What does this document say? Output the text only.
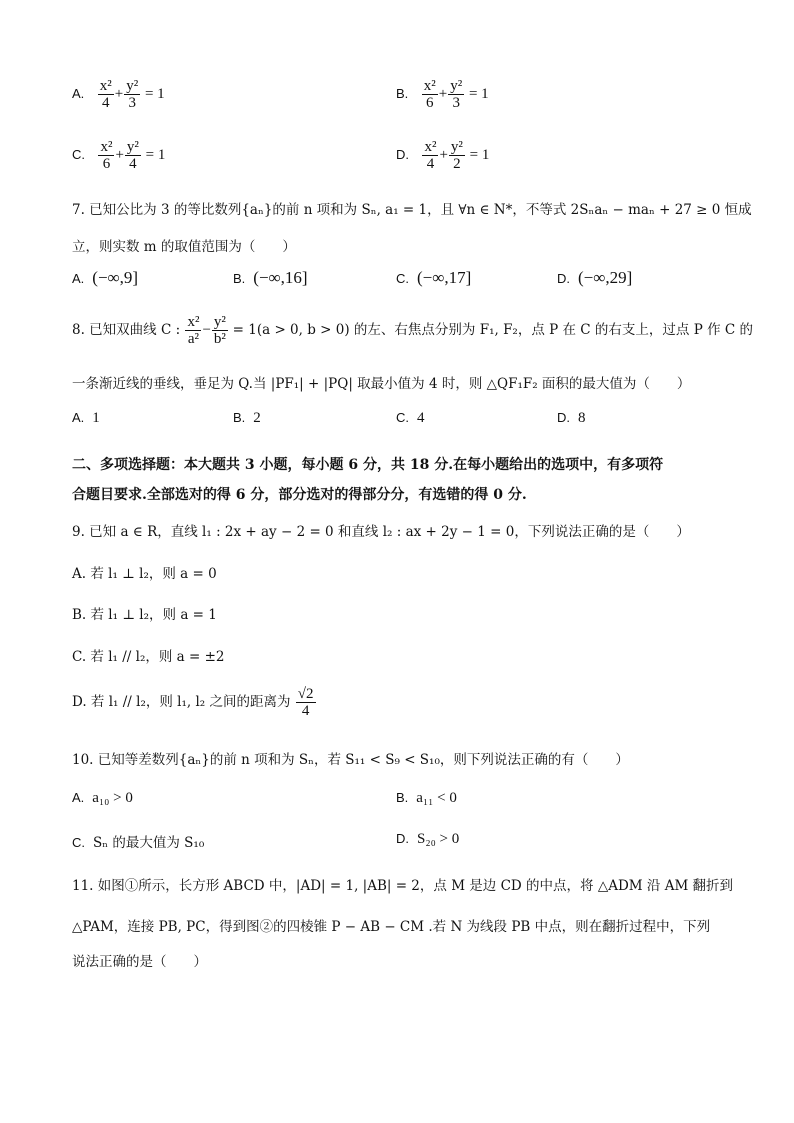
A. $\frac{\text{x²}}{4} + \frac{\text{y²}}{3} = 1$	B. $\frac{\text{x²}}{6} + \frac{\text{y²}}{3} = 1$
C. $\frac{\text{x²}}{6} + \frac{\text{y²}}{4} = 1$	D. $\frac{\text{x²}}{4} + \frac{\text{y²}}{2} = 1$
7. 已知公比为 3 的等比数列{aₙ}的前 n 项和为 Sₙ, a₁ = 1，且 ∀n ∈ N*，不等式 2Sₙaₙ − maₙ + 27 ≥ 0 恒成
立，则实数 m 的取值范围为（　　）
A. (−∞,9]	B. (−∞,16]	C. (−∞,17]	D. (−∞,29]
8. 已知双曲线 C : $\frac{\text{x²}}{\text{a²}} - \frac{\text{y²}}{\text{b²}} = 1(a > 0$, b > 0) 的左、右焦点分别为 F₁, F₂，点 P 在 C 的右支上，过点 P 作 C 的
一条渐近线的垂线，垂足为 Q.当 |PF₁| + |PQ| 取最小值为 4 时，则 △QF₁F₂ 面积的最大值为（　　）
A. 1	B. 2	C. 4	D. 8
二、多项选择题：本大题共 3 小题，每小题 6 分，共 18 分.在每小题给出的选项中，有多项符
合题目要求.全部选对的得 6 分，部分选对的得部分分，有选错的得 0 分.
9. 已知 a ∈ R，直线 l₁ : 2x + ay − 2 = 0 和直线 l₂ : ax + 2y − 1 = 0，下列说法正确的是（　　）
A. 若 l₁ ⊥ l₂，则 a = 0
B. 若 l₁ ⊥ l₂，则 a = 1
C. 若 l₁ // l₂，则 a = ±2
D. 若 l₁ // l₂，则 l₁, l₂ 之间的距离为 $\frac{√2}{4}$
10. 已知等差数列{aₙ}的前 n 项和为 Sₙ，若 S₁₁ < S₉ < S₁₀，则下列说法正确的有（　　）
A. a₁₀ > 0	B. a₁₁ < 0
C. Sₙ 的最大值为 S₁₀	D. S₂₀ > 0
11. 如图①所示，长方形 ABCD 中，|AD| = 1, |AB| = 2，点 M 是边 CD 的中点，将 △ADM 沿 AM 翻折到
△PAM，连接 PB, PC，得到图②的四棱锥 P − AB − CM .若 N 为线段 PB 中点，则在翻折过程中，下列
说法正确的是（　　）
